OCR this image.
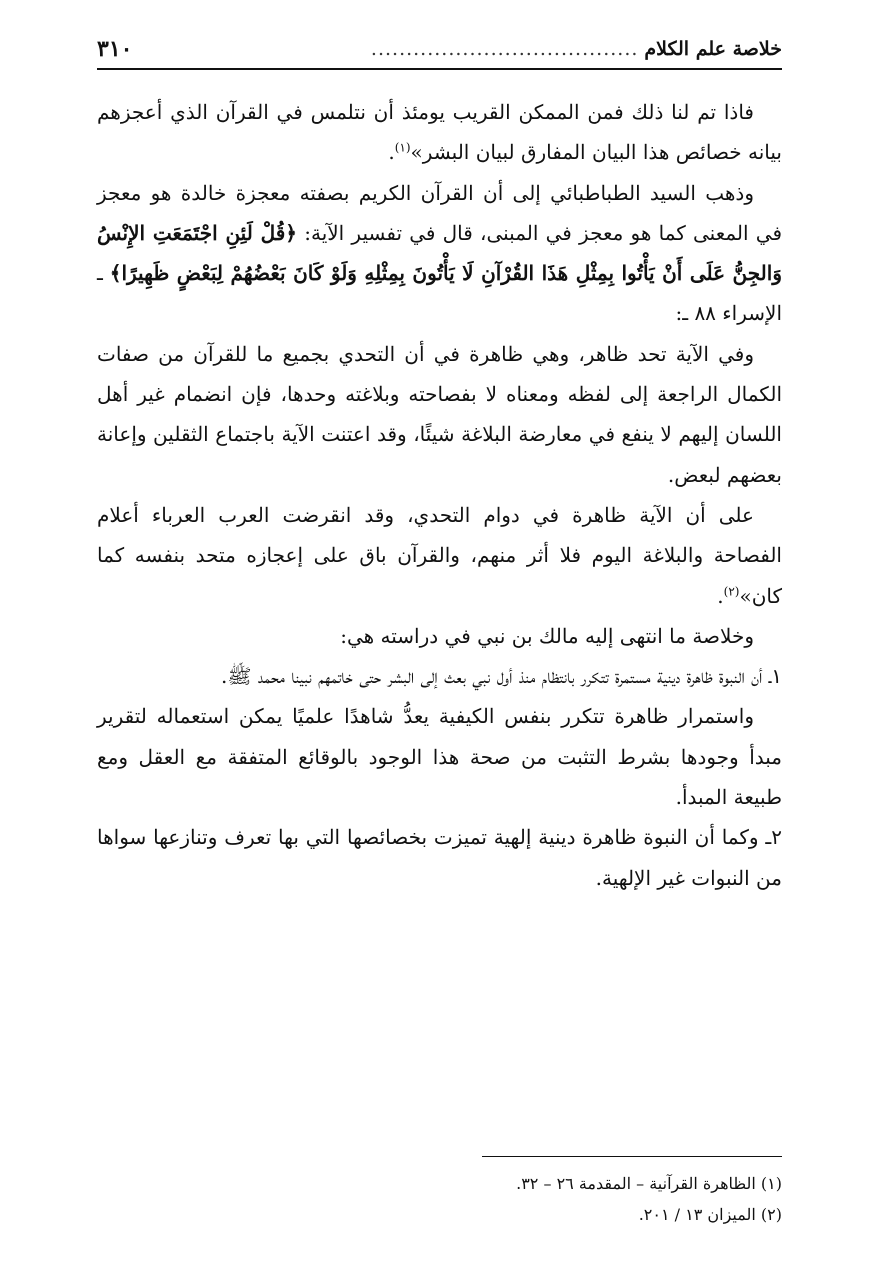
خلاصة علم الكلام
......................................
٣١٠

فاذا تم لنا ذلك فمن الممكن القريب يومئذ أن نتلمس في القرآن الذي أعجزهم بيانه خصائص هذا البيان المفارق لبيان البشر»$^{(١)}$.

وذهب السيد الطباطبائي إلى أن القرآن الكريم بصفته معجزة خالدة هو معجز في المعنى كما هو معجز في المبنى، قال في تفسير الآية: ﴿قُلْ لَئِنِ اجْتَمَعَتِ الإِنْسُ وَالجِنُّ عَلَى أَنْ يَأْتُوا بِمِثْلِ هَذَا القُرْآنِ لَا يَأْتُونَ بِمِثْلِهِ وَلَوْ كَانَ بَعْضُهُمْ لِبَعْضٍ ظَهِيرًا﴾ ـ الإسراء ٨٨ ـ:

وفي الآية تحد ظاهر، وهي ظاهرة في أن التحدي بجميع ما للقرآن من صفات الكمال الراجعة إلى لفظه ومعناه لا بفصاحته وبلاغته وحدها، فإن انضمام غير أهل اللسان إليهم لا ينفع في معارضة البلاغة شيئًا، وقد اعتنت الآية باجتماع الثقلين وإعانة بعضهم لبعض.

على أن الآية ظاهرة في دوام التحدي، وقد انقرضت العرب العرباء أعلام الفصاحة والبلاغة اليوم فلا أثر منهم، والقرآن باق على إعجازه متحد بنفسه كما كان»$^{(٢)}$.

وخلاصة ما انتهى إليه مالك بن نبي في دراسته هي:

١ـ أن النبوة ظاهرة دينية مستمرة تتكرر بانتظام منذ أول نبي بعث إلى البشر حتى خاتمهم نبينا محمد ﷺ.

واستمرار ظاهرة تتكرر بنفس الكيفية يعدُّ شاهدًا علميًا يمكن استعماله لتقرير مبدأ وجودها بشرط التثبت من صحة هذا الوجود بالوقائع المتفقة مع العقل ومع طبيعة المبدأ.

٢ـ وكما أن النبوة ظاهرة دينية إلهية تميزت بخصائصها التي بها تعرف وتنازعها سواها من النبوات غير الإلهية.

(١) الظاهرة القرآنية – المقدمة ٢٦ – ٣٢.

(٢) الميزان ١٣ / ٢٠١.
